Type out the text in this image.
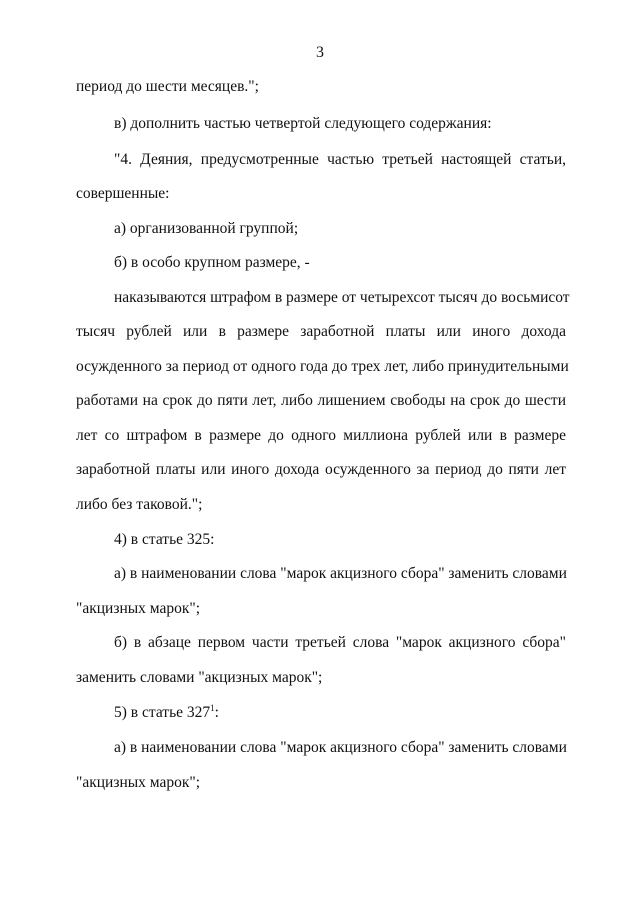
3
период до шести месяцев.";
в) дополнить частью четвертой следующего содержания:
"4. Деяния, предусмотренные частью третьей настоящей статьи,
совершенные:
а) организованной группой;
б) в особо крупном размере, -
наказываются штрафом в размере от четырехсот тысяч до восьмисот
тысяч рублей или в размере заработной платы или иного дохода
осужденного за период от одного года до трех лет, либо принудительными
работами на срок до пяти лет, либо лишением свободы на срок до шести
лет со штрафом в размере до одного миллиона рублей или в размере
заработной платы или иного дохода осужденного за период до пяти лет
либо без таковой.";
4) в статье 325:
а) в наименовании слова "марок акцизного сбора" заменить словами
"акцизных марок";
б) в абзаце первом части третьей слова "марок акцизного сбора"
заменить словами "акцизных марок";
5) в статье $327^1$:
а) в наименовании слова "марок акцизного сбора" заменить словами
"акцизных марок";
